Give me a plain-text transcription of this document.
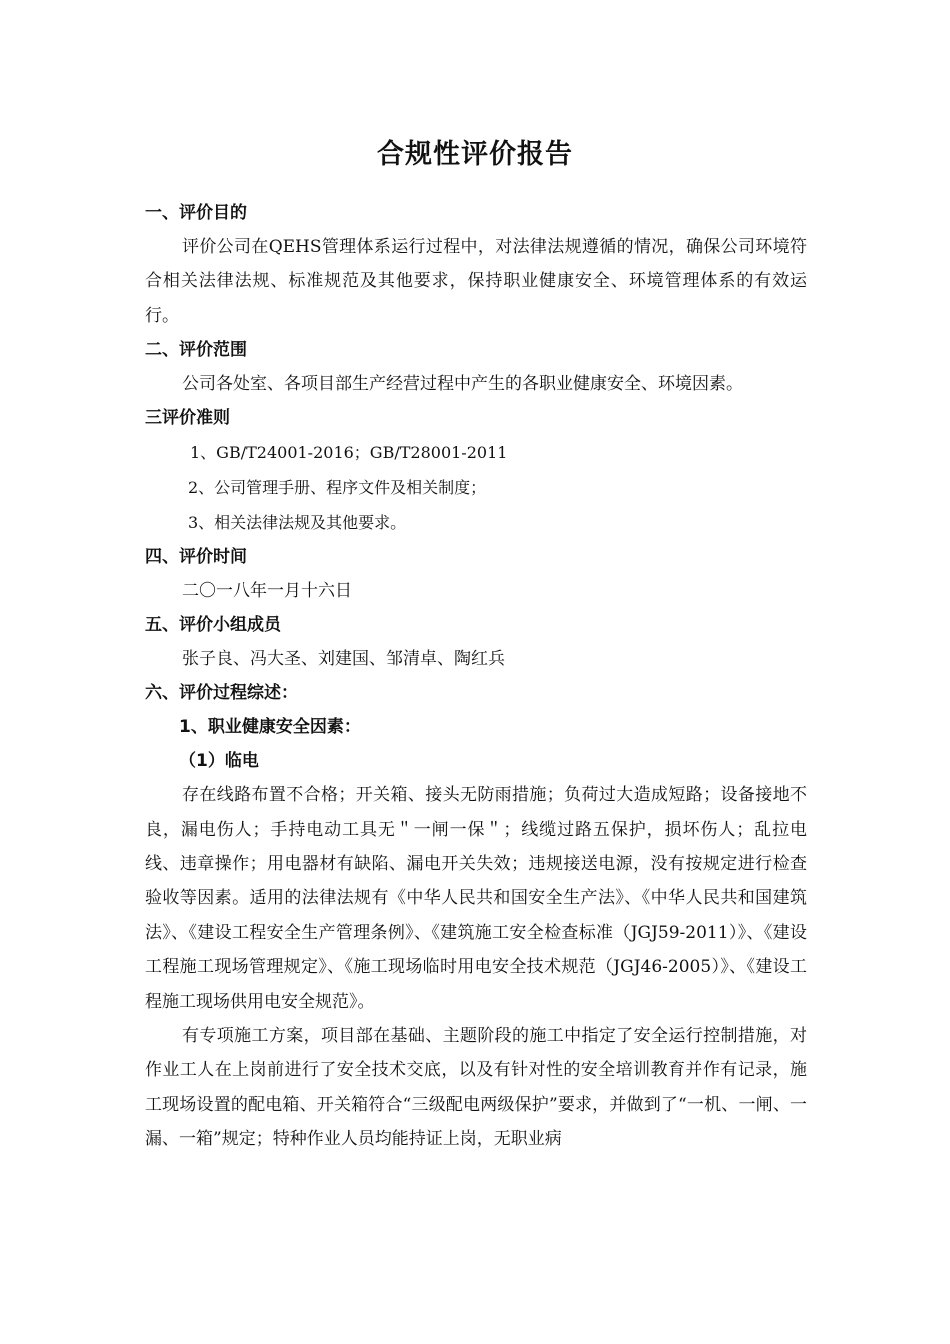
合规性评价报告
一、评价目的

评价公司在QEHS管理体系运行过程中，对法律法规遵循的情况，确保公司环境符合相关法律法规、标准规范及其他要求，保持职业健康安全、环境管理体系的有效运行。

二、评价范围
公司各处室、各项目部生产经营过程中产生的各职业健康安全、环境因素。
三评价准则
1、GB/T24001-2016；GB/T28001-2011
2、公司管理手册、程序文件及相关制度；
3、相关法律法规及其他要求。
四、评价时间
二〇一八年一月十六日
五、评价小组成员
张子良、冯大圣、刘建国、邹清卓、陶红兵
六、评价过程综述：
1、职业健康安全因素：
（1）临电

存在线路布置不合格；开关箱、接头无防雨措施；负荷过大造成短路；设备接地不良，漏电伤人；手持电动工具无＂一闸一保＂；线缆过路五保护，损坏伤人；乱拉电线、违章操作；用电器材有缺陷、漏电开关失效；违规接送电源，没有按规定进行检查验收等因素。适用的法律法规有《中华人民共和国安全生产法》、《中华人民共和国建筑法》、《建设工程安全生产管理条例》、《建筑施工安全检查标准（JGJ59-2011）》、《建设工程施工现场管理规定》、《施工现场临时用电安全技术规范（JGJ46-2005）》、《建设工程施工现场供用电安全规范》。

有专项施工方案，项目部在基础、主题阶段的施工中指定了安全运行控制措施，对作业工人在上岗前进行了安全技术交底，以及有针对性的安全培训教育并作有记录，施工现场设置的配电箱、开关箱符合“三级配电两级保护”要求，并做到了“一机、一闸、一漏、一箱”规定；特种作业人员均能持证上岗，无职业病
